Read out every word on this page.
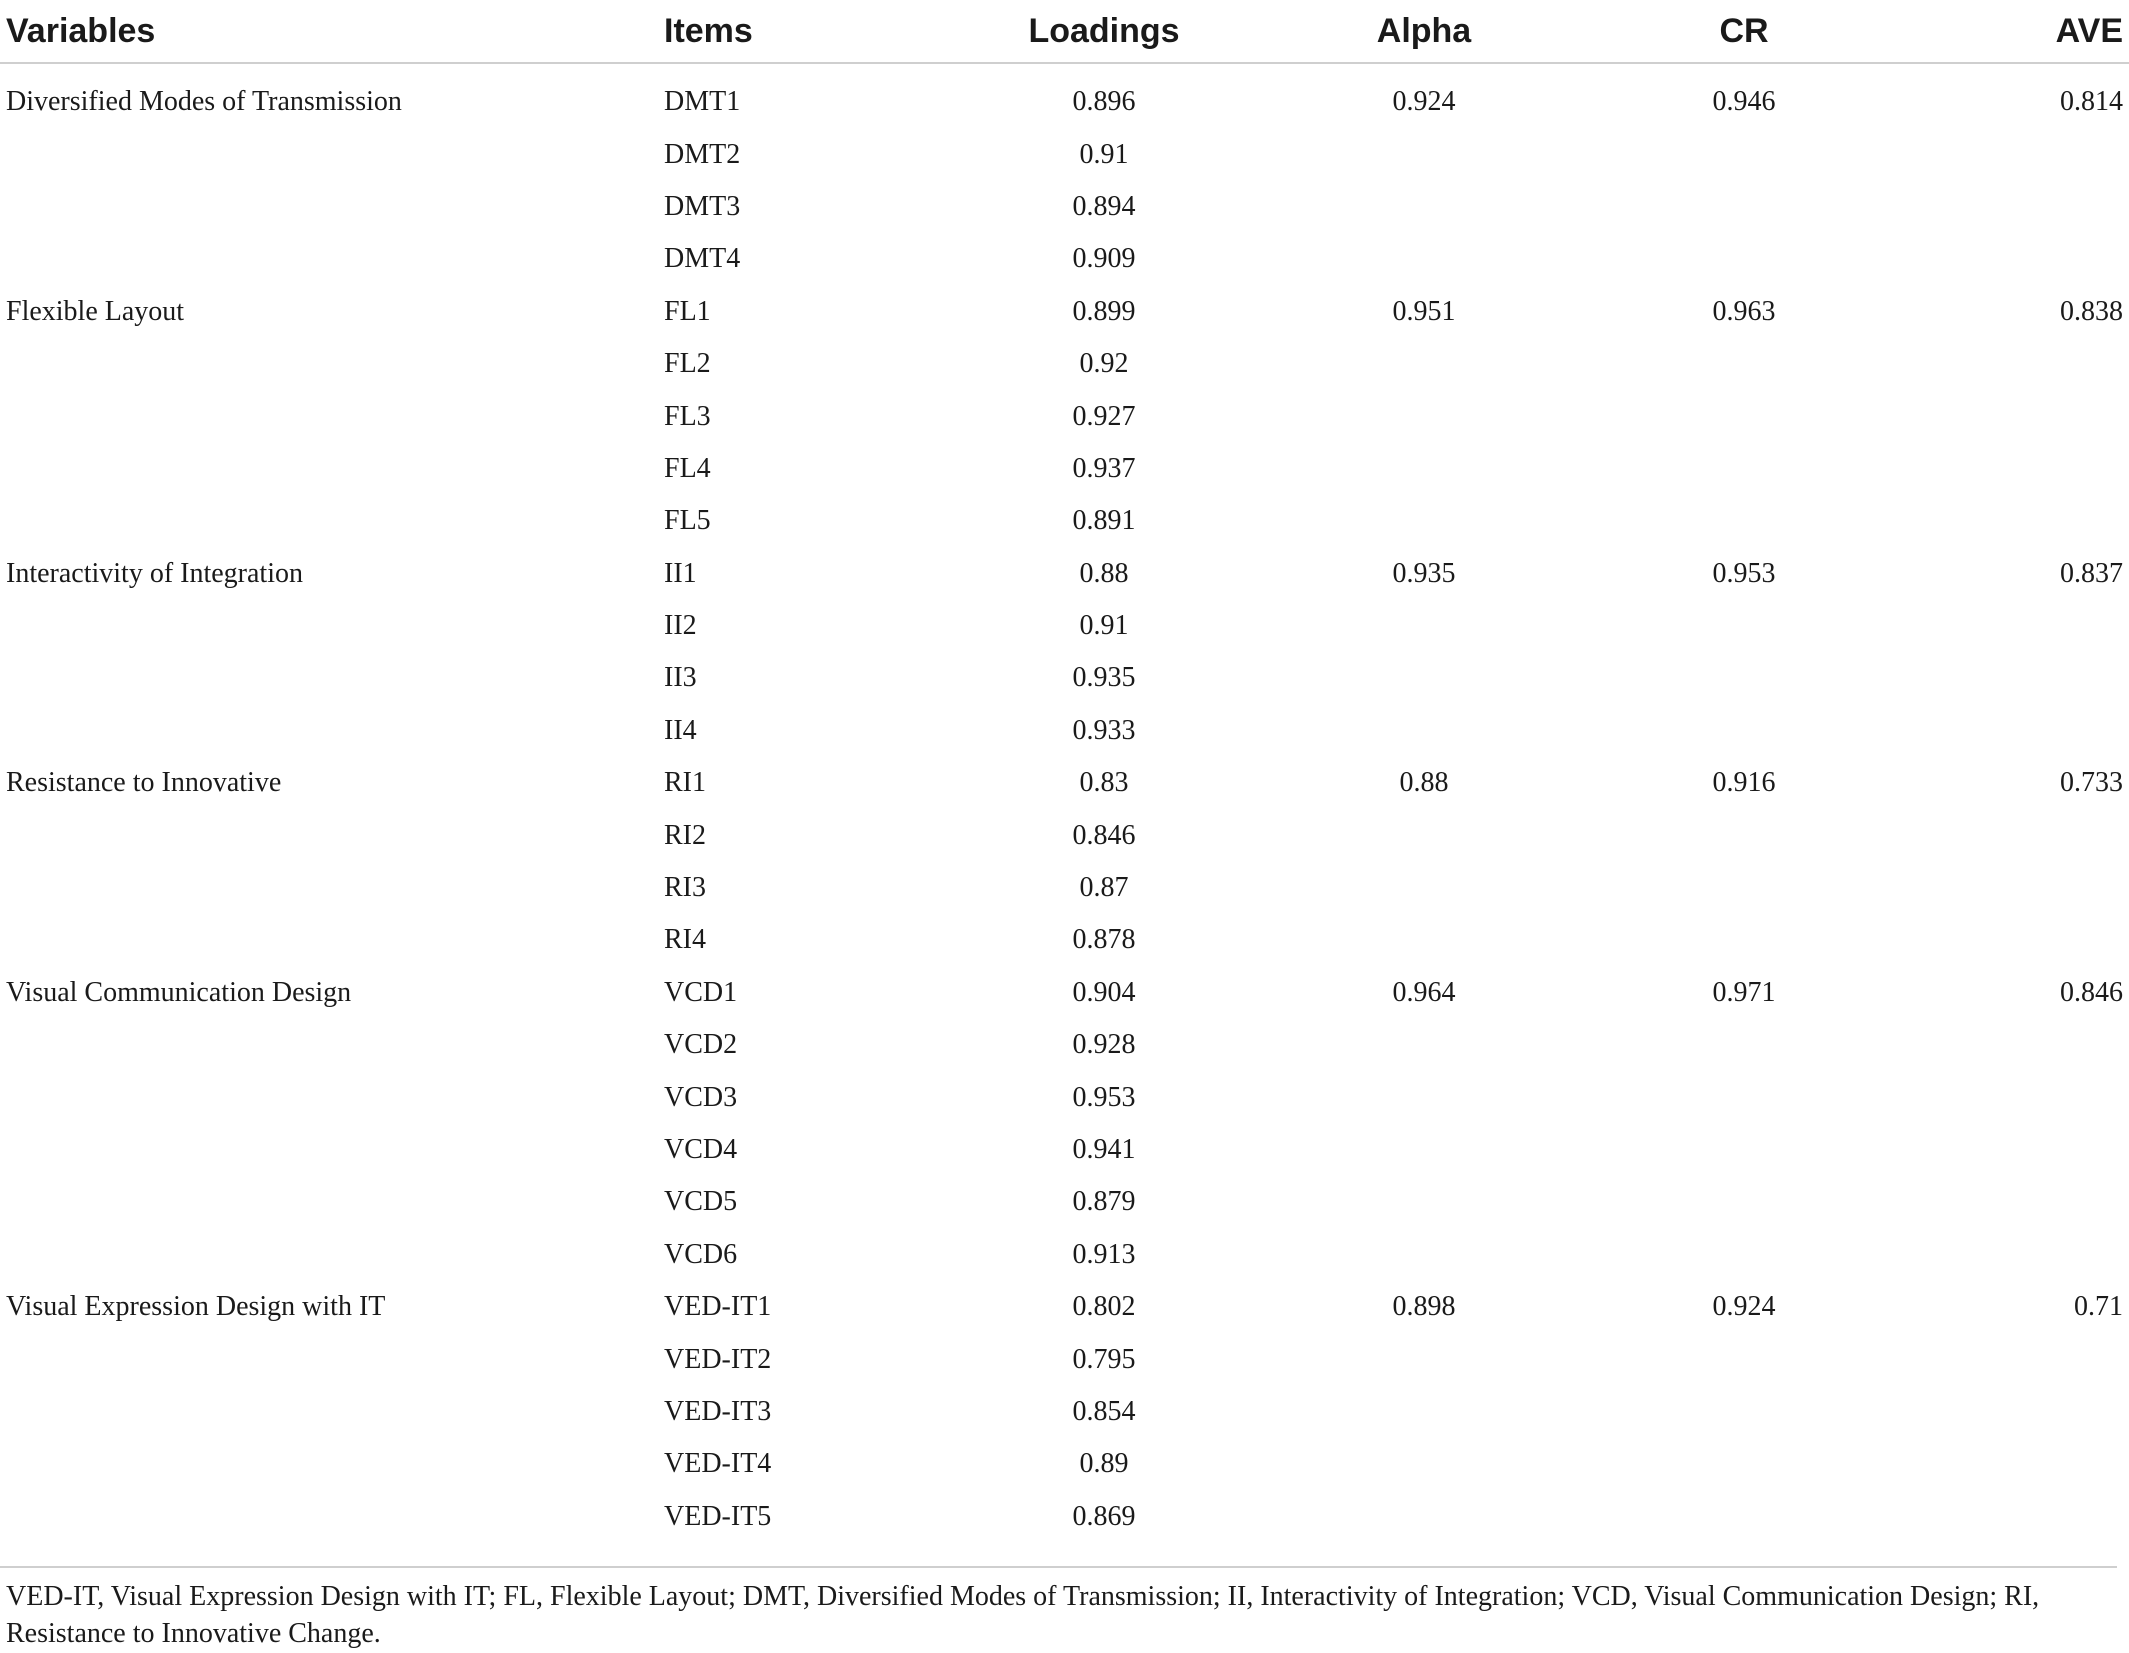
Variables	Items	Loadings	Alpha	CR	AVE
Diversified Modes of Transmission	DMT1	0.896	0.924	0.946	0.814
	DMT2	0.91			
	DMT3	0.894			
	DMT4	0.909			
Flexible Layout	FL1	0.899	0.951	0.963	0.838
	FL2	0.92			
	FL3	0.927			
	FL4	0.937			
	FL5	0.891			
Interactivity of Integration	II1	0.88	0.935	0.953	0.837
	II2	0.91			
	II3	0.935			
	II4	0.933			
Resistance to Innovative	RI1	0.83	0.88	0.916	0.733
	RI2	0.846			
	RI3	0.87			
	RI4	0.878			
Visual Communication Design	VCD1	0.904	0.964	0.971	0.846
	VCD2	0.928			
	VCD3	0.953			
	VCD4	0.941			
	VCD5	0.879			
	VCD6	0.913			
Visual Expression Design with IT	VED-IT1	0.802	0.898	0.924	0.71
	VED-IT2	0.795			
	VED-IT3	0.854			
	VED-IT4	0.89			
	VED-IT5	0.869			
VED-IT, Visual Expression Design with IT; FL, Flexible Layout; DMT, Diversified Modes of Transmission; II, Interactivity of Integration; VCD, Visual Communication Design; RI, Resistance to Innovative Change.
